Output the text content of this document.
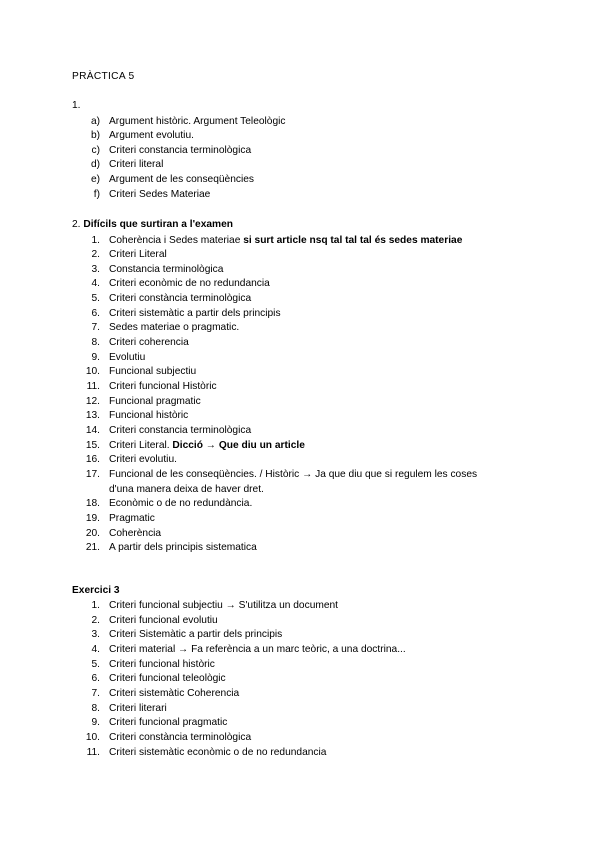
PRÀCTICA 5
1.
a) Argument històric. Argument Teleològic
b) Argument evolutiu.
c) Criteri constancia terminològica
d) Criteri literal
e) Argument de les conseqüències
f) Criteri Sedes Materiae
2. Difícils que surtiran a l'examen
1. Coherència i Sedes materiae si surt article nsq tal tal tal és sedes materiae
2. Criteri Literal
3. Constancia terminològica
4. Criteri econòmic de no redundancia
5. Criteri constància terminològica
6. Criteri sistemàtic a partir dels principis
7. Sedes materiae o pragmatic.
8. Criteri coherencia
9. Evolutiu
10. Funcional subjectiu
11. Criteri funcional Històric
12. Funcional pragmatic
13. Funcional històric
14. Criteri constancia terminològica
15. Criteri Literal. Dicció → Que diu un article
16. Criteri evolutiu.
17. Funcional de les conseqüències. / Històric → Ja que diu que si regulem les coses
d'una manera deixa de haver dret.
18. Econòmic o de no redundància.
19. Pragmatic
20. Coherència
21. A partir dels principis sistematica
Exercici 3
1. Criteri funcional subjectiu → S'utilitza un document
2. Criteri funcional evolutiu
3. Criteri Sistemàtic a partir dels principis
4. Criteri material → Fa referència a un marc teòric, a una doctrina...
5. Criteri funcional històric
6. Criteri funcional teleològic
7. Criteri sistemàtic Coherencia
8. Criteri literari
9. Criteri funcional pragmatic
10. Criteri constància terminològica
11. Criteri sistemàtic econòmic o de no redundancia
